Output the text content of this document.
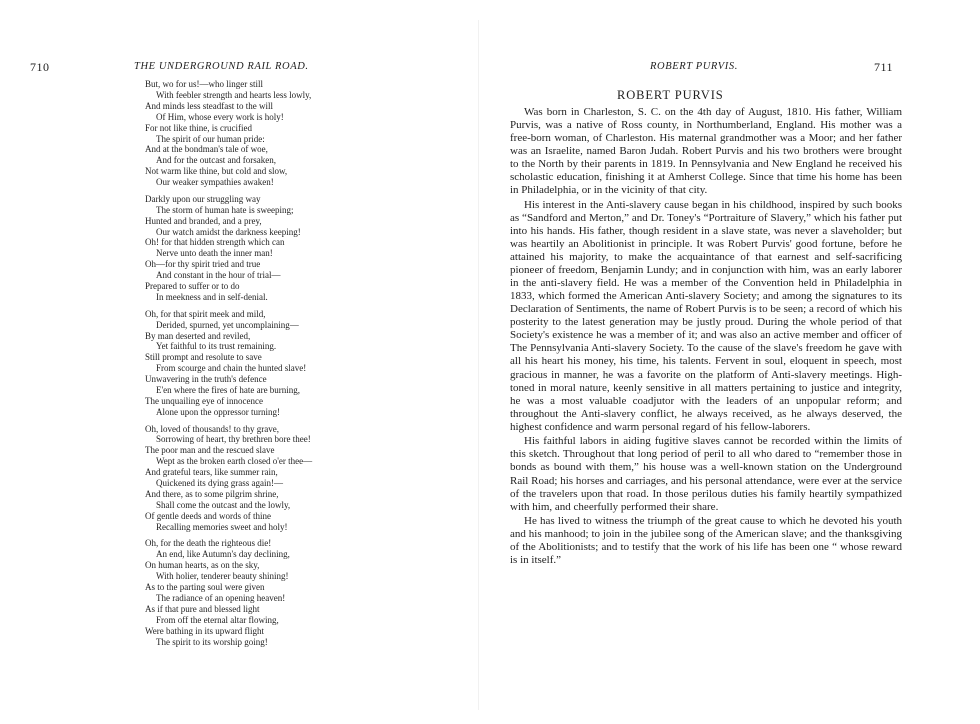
710	THE UNDERGROUND RAIL ROAD.
But, wo for us!—who linger still
With feebler strength and hearts less lowly,
And minds less steadfast to the will
Of Him, whose every work is holy!
For not like thine, is crucified
The spirit of our human pride:
And at the bondman's tale of woe,
And for the outcast and forsaken,
Not warm like thine, but cold and slow,
Our weaker sympathies awaken!
Darkly upon our struggling way
The storm of human hate is sweeping;
Hunted and branded, and a prey,
Our watch amidst the darkness keeping!
Oh! for that hidden strength which can
Nerve unto death the inner man!
Oh—for thy spirit tried and true
And constant in the hour of trial—
Prepared to suffer or to do
In meekness and in self-denial.
Oh, for that spirit meek and mild,
Derided, spurned, yet uncomplaining—
By man deserted and reviled,
Yet faithful to its trust remaining.
Still prompt and resolute to save
From scourge and chain the hunted slave!
Unwavering in the truth's defence
E'en where the fires of hate are burning,
The unquailing eye of innocence
Alone upon the oppressor turning!
Oh, loved of thousands! to thy grave,
Sorrowing of heart, thy brethren bore thee!
The poor man and the rescued slave
Wept as the broken earth closed o'er thee—
And grateful tears, like summer rain,
Quickened its dying grass again!—
And there, as to some pilgrim shrine,
Shall come the outcast and the lowly,
Of gentle deeds and words of thine
Recalling memories sweet and holy!
Oh, for the death the righteous die!
An end, like Autumn's day declining,
On human hearts, as on the sky,
With holier, tenderer beauty shining!
As to the parting soul were given
The radiance of an opening heaven!
As if that pure and blessed light
From off the eternal altar flowing,
Were bathing in its upward flight
The spirit to its worship going!
ROBERT PURVIS.	711
ROBERT PURVIS

Was born in Charleston, S. C. on the 4th day of August, 1810. His father, William Purvis, was a native of Ross county, in Northumberland, England. His mother was a free-born woman, of Charleston. His maternal grandmother was a Moor; and her father was an Israelite, named Baron Judah. Robert Purvis and his two brothers were brought to the North by their parents in 1819. In Pennsylvania and New England he received his scholastic education, finishing it at Amherst College. Since that time his home has been in Philadelphia, or in the vicinity of that city.

His interest in the Anti-slavery cause began in his childhood, inspired by such books as “Sandford and Merton,” and Dr. Toney's “Portraiture of Slavery,” which his father put into his hands. His father, though resident in a slave state, was never a slaveholder; but was heartily an Abolitionist in principle. It was Robert Purvis' good fortune, before he attained his majority, to make the acquaintance of that earnest and self-sacrificing pioneer of freedom, Benjamin Lundy; and in conjunction with him, was an early laborer in the anti-slavery field. He was a member of the Convention held in Philadelphia in 1833, which formed the American Anti-slavery Society; and among the signatures to its Declaration of Sentiments, the name of Robert Purvis is to be seen; a record of which his posterity to the latest generation may be justly proud. During the whole period of that Society's existence he was a member of it; and was also an active member and officer of The Pennsylvania Anti-slavery Society. To the cause of the slave's freedom he gave with all his heart his money, his time, his talents. Fervent in soul, eloquent in speech, most gracious in manner, he was a favorite on the platform of Anti-slavery meetings. High-toned in moral nature, keenly sensitive in all matters pertaining to justice and integrity, he was a most valuable coadjutor with the leaders of an unpopular reform; and throughout the Anti-slavery conflict, he always received, as he always deserved, the highest confidence and warm personal regard of his fellow-laborers.

His faithful labors in aiding fugitive slaves cannot be recorded within the limits of this sketch. Throughout that long period of peril to all who dared to “remember those in bonds as bound with them,” his house was a well-known station on the Underground Rail Road; his horses and carriages, and his personal attendance, were ever at the service of the travelers upon that road. In those perilous duties his family heartily sympathized with him, and cheerfully performed their share.

He has lived to witness the triumph of the great cause to which he devoted his youth and his manhood; to join in the jubilee song of the American slave; and the thanksgiving of the Abolitionists; and to testify that the work of his life has been one “ whose reward is in itself.”
